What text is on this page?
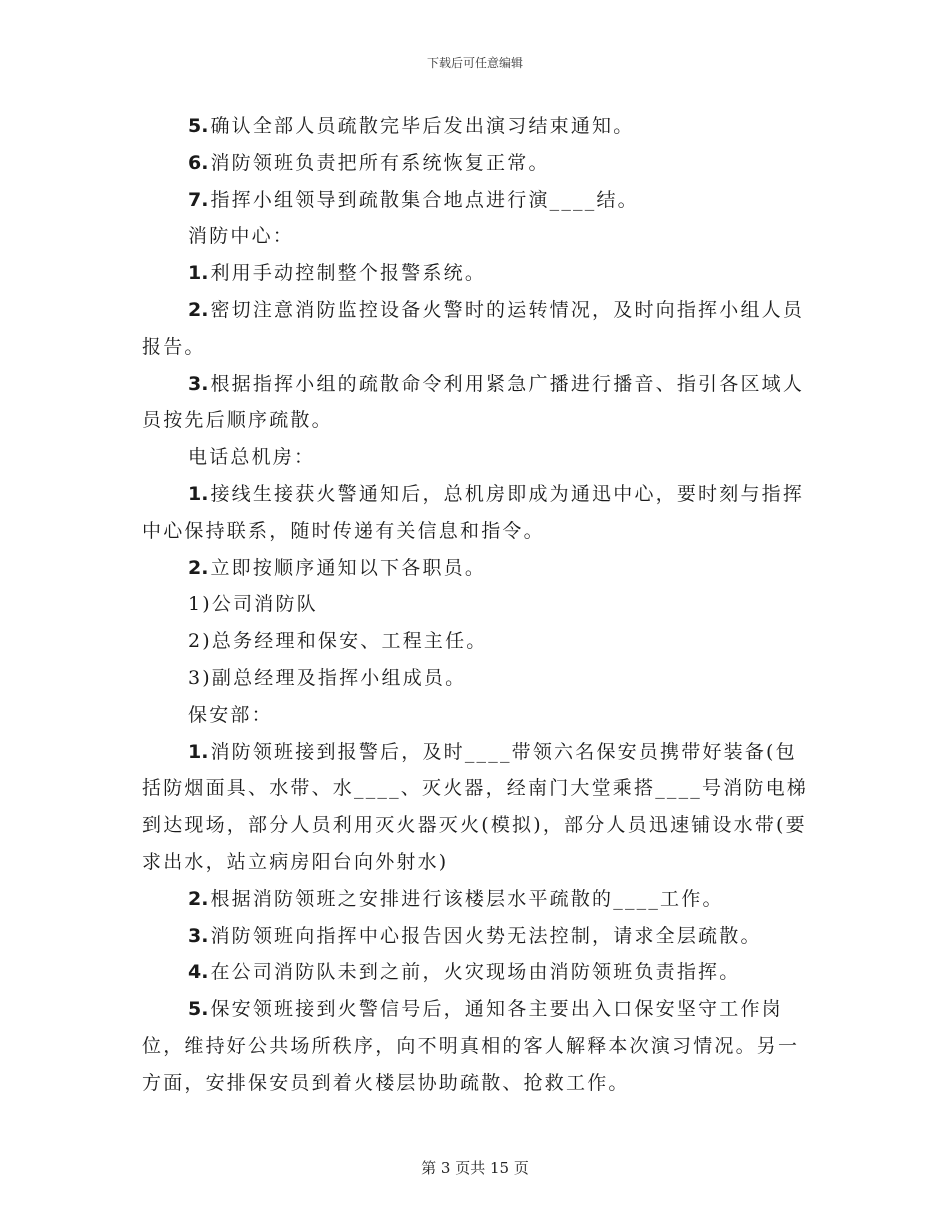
下载后可任意编辑

5. 确认全部人员疏散完毕后发出演习结束通知。

6. 消防领班负责把所有系统恢复正常。

7. 指挥小组领导到疏散集合地点进行演____结。

消防中心：

1. 利用手动控制整个报警系统。

2. 密切注意消防监控设备火警时的运转情况，及时向指挥小组人员报告。

3. 根据指挥小组的疏散命令利用紧急广播进行播音、指引各区域人员按先后顺序疏散。

电话总机房：

1. 接线生接获火警通知后，总机房即成为通迅中心，要时刻与指挥中心保持联系，随时传递有关信息和指令。

2. 立即按顺序通知以下各职员。

1)公司消防队

2)总务经理和保安、工程主任。

3)副总经理及指挥小组成员。

保安部：

1. 消防领班接到报警后，及时____带领六名保安员携带好装备(包括防烟面具、水带、水____、灭火器，经南门大堂乘搭____号消防电梯到达现场，部分人员利用灭火器灭火(模拟)，部分人员迅速铺设水带(要求出水，站立病房阳台向外射水)

2. 根据消防领班之安排进行该楼层水平疏散的____工作。

3. 消防领班向指挥中心报告因火势无法控制，请求全层疏散。

4. 在公司消防队未到之前，火灾现场由消防领班负责指挥。

5. 保安领班接到火警信号后，通知各主要出入口保安坚守工作岗位，维持好公共场所秩序，向不明真相的客人解释本次演习情况。另一方面，安排保安员到着火楼层协助疏散、抢救工作。

第 3 页共 15 页
